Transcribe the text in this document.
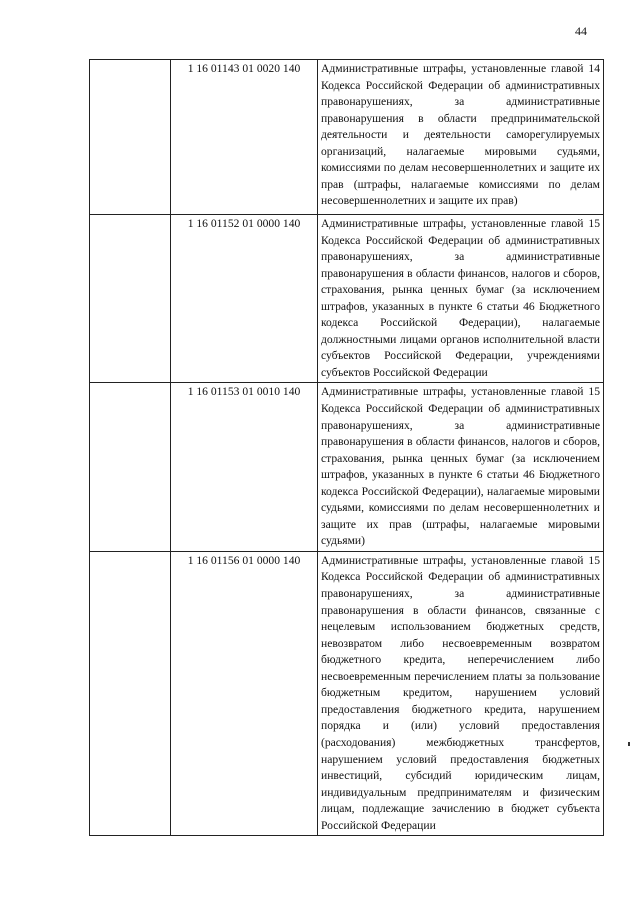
44
	1 16 01143 01 0020 140	Административные штрафы, установленные главой 14 Кодекса Российской Федерации об административных правонарушениях, за административные правонарушения в области предпринимательской деятельности и деятельности саморегулируемых организаций, налагаемые мировыми судьями, комиссиями по делам несовершеннолетних и защите их прав (штрафы, налагаемые комиссиями по делам несовершеннолетних и защите их прав)
	1 16 01152 01 0000 140	Административные штрафы, установленные главой 15 Кодекса Российской Федерации об административных правонарушениях, за административные правонарушения в области финансов, налогов и сборов, страхования, рынка ценных бумаг (за исключением штрафов, указанных в пункте 6 статьи 46 Бюджетного кодекса Российской Федерации), налагаемые должностными лицами органов исполнительной власти субъектов Российской Федерации, учреждениями субъектов Российской Федерации
	1 16 01153 01 0010 140	Административные штрафы, установленные главой 15 Кодекса Российской Федерации об административных правонарушениях, за административные правонарушения в области финансов, налогов и сборов, страхования, рынка ценных бумаг (за исключением штрафов, указанных в пункте 6 статьи 46 Бюджетного кодекса Российской Федерации), налагаемые мировыми судьями, комиссиями по делам несовершеннолетних и защите их прав (штрафы, налагаемые мировыми судьями)
	1 16 01156 01 0000 140	Административные штрафы, установленные главой 15 Кодекса Российской Федерации об административных правонарушениях, за административные правонарушения в области финансов, связанные с нецелевым использованием бюджетных средств, невозвратом либо несвоевременным возвратом бюджетного кредита, неперечислением либо несвоевременным перечислением платы за пользование бюджетным кредитом, нарушением условий предоставления бюджетного кредита, нарушением порядка и (или) условий предоставления (расходования) межбюджетных трансфертов, нарушением условий предоставления бюджетных инвестиций, субсидий юридическим лицам, индивидуальным предпринимателям и физическим лицам, подлежащие зачислению в бюджет субъекта Российской Федерации
